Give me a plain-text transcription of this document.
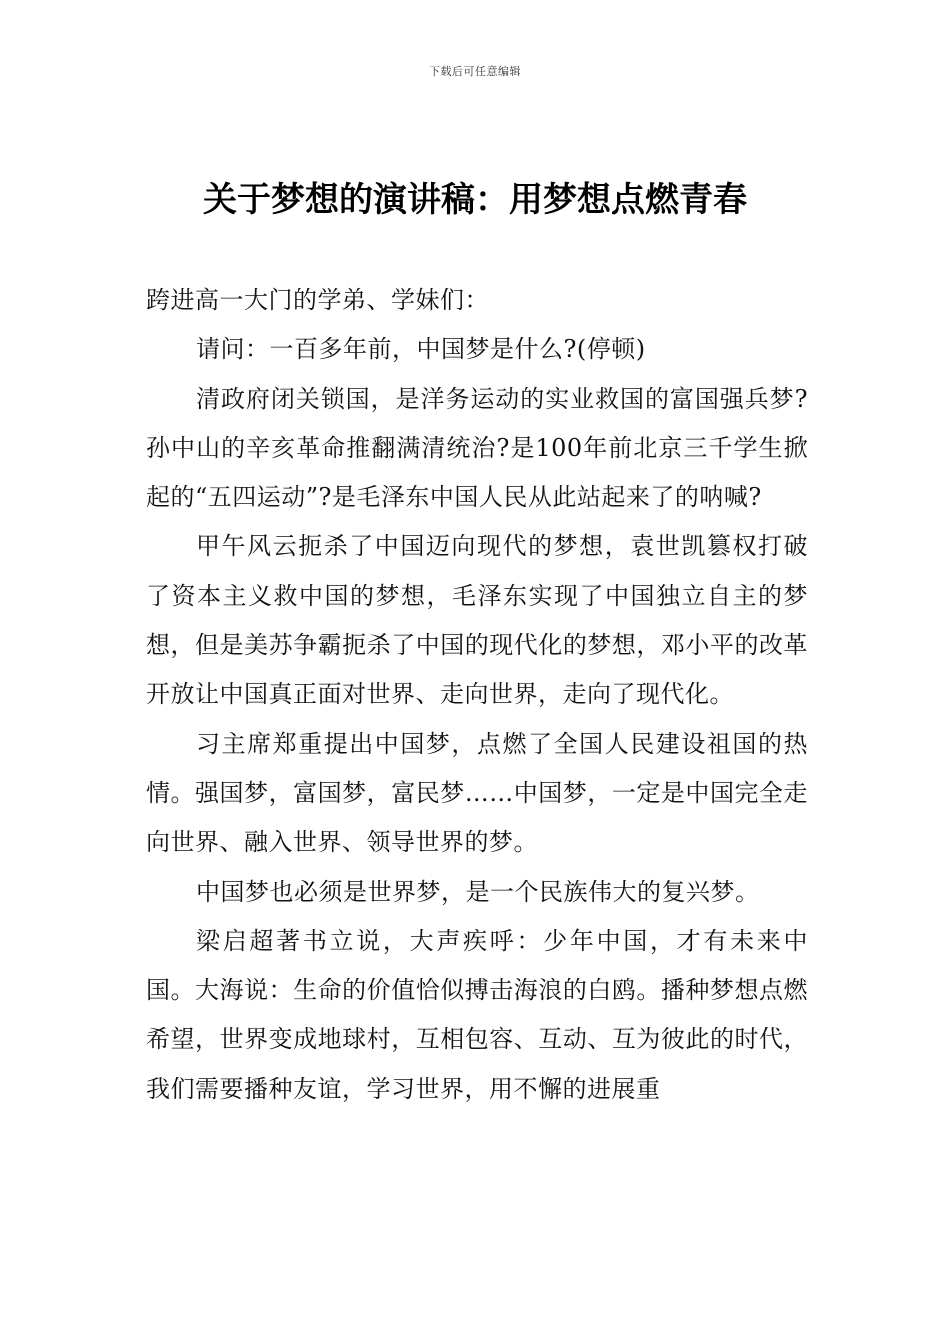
下载后可任意编辑
关于梦想的演讲稿：用梦想点燃青春

跨进高一大门的学弟、学妹们：

请问：一百多年前，中国梦是什么?(停顿)

清政府闭关锁国，是洋务运动的实业救国的富国强兵梦?孙中山的辛亥革命推翻满清统治?是100年前北京三千学生掀起的“五四运动”?是毛泽东中国人民从此站起来了的呐喊?

甲午风云扼杀了中国迈向现代的梦想，袁世凯篡权打破了资本主义救中国的梦想，毛泽东实现了中国独立自主的梦想，但是美苏争霸扼杀了中国的现代化的梦想，邓小平的改革开放让中国真正面对世界、走向世界，走向了现代化。

习主席郑重提出中国梦，点燃了全国人民建设祖国的热情。强国梦，富国梦，富民梦……中国梦，一定是中国完全走向世界、融入世界、领导世界的梦。

中国梦也必须是世界梦，是一个民族伟大的复兴梦。

梁启超著书立说，大声疾呼：少年中国，才有未来中国。大海说：生命的价值恰似搏击海浪的白鸥。播种梦想点燃希望，世界变成地球村，互相包容、互动、互为彼此的时代，我们需要播种友谊，学习世界，用不懈的进展重
